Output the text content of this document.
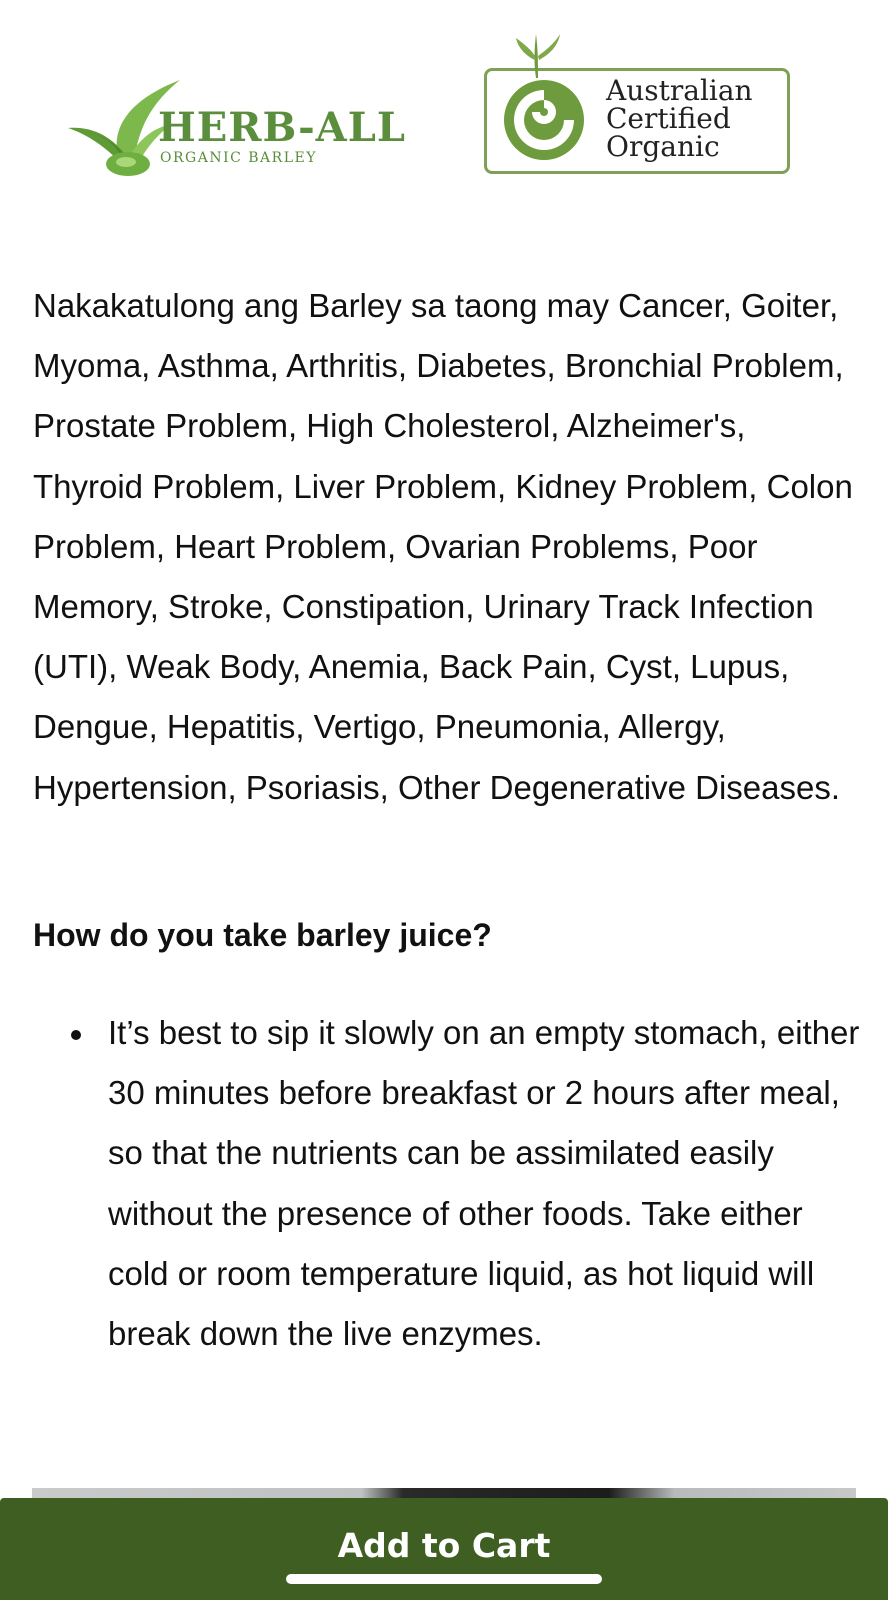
HERB-ALL
ORGANIC BARLEY
Australian
Certified
Organic

Nakakatulong ang Barley sa taong may Cancer, Goiter, Myoma, Asthma, Arthritis, Diabetes, Bronchial Problem, Prostate Problem, High Cholesterol, Alzheimer's, Thyroid Problem, Liver Problem, Kidney Problem, Colon Problem, Heart Problem, Ovarian Problems, Poor Memory, Stroke, Constipation, Urinary Track Infection (UTI), Weak Body, Anemia, Back Pain, Cyst, Lupus, Dengue, Hepatitis, Vertigo, Pneumonia, Allergy, Hypertension, Psoriasis, Other Degenerative Diseases.

How do you take barley juice?
It’s best to sip it slowly on an empty stomach, either 30 minutes before breakfast or 2 hours after meal, so that the nutrients can be assimilated easily without the presence of other foods. Take either cold or room temperature liquid, as hot liquid will break down the live enzymes.
Add to Cart
